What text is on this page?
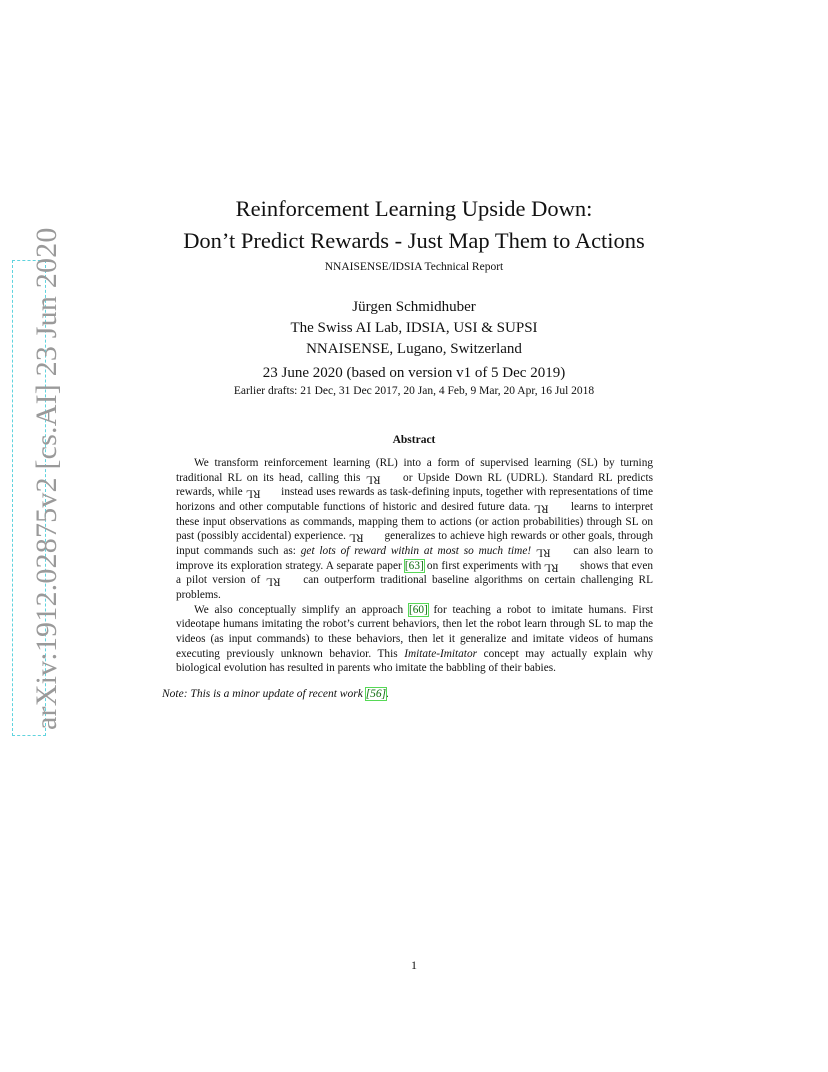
arXiv:1912.02875v2 [cs.AI] 23 Jun 2020
Reinforcement Learning Upside Down:
Don’t Predict Rewards - Just Map Them to Actions
NNAISENSE/IDSIA Technical Report
Jürgen Schmidhuber
The Swiss AI Lab, IDSIA, USI & SUPSI
NNAISENSE, Lugano, Switzerland
23 June 2020 (based on version v1 of 5 Dec 2019)
Earlier drafts: 21 Dec, 31 Dec 2017, 20 Jan, 4 Feb, 9 Mar, 20 Apr, 16 Jul 2018
Abstract

We transform reinforcement learning (RL) into a form of supervised learning (SL) by turning traditional RL on its head, calling this RL or Upside Down RL (UDRL). Standard RL predicts rewards, while RL instead uses rewards as task-defining inputs, together with representations of time horizons and other computable functions of historic and desired future data. RL learns to interpret these input observations as commands, mapping them to actions (or action probabilities) through SL on past (possibly accidental) experience. RL generalizes to achieve high rewards or other goals, through input commands such as: get lots of reward within at most so much time! RL can also learn to improve its exploration strategy. A separate paper [63] on first experiments with RL shows that even a pilot version of RL can outperform traditional baseline algorithms on certain challenging RL problems.

We also conceptually simplify an approach [60] for teaching a robot to imitate humans. First videotape humans imitating the robot’s current behaviors, then let the robot learn through SL to map the videos (as input commands) to these behaviors, then let it generalize and imitate videos of humans executing previously unknown behavior. This Imitate-Imitator concept may actually explain why biological evolution has resulted in parents who imitate the babbling of their babies.

Note: This is a minor update of recent work [56].
1
